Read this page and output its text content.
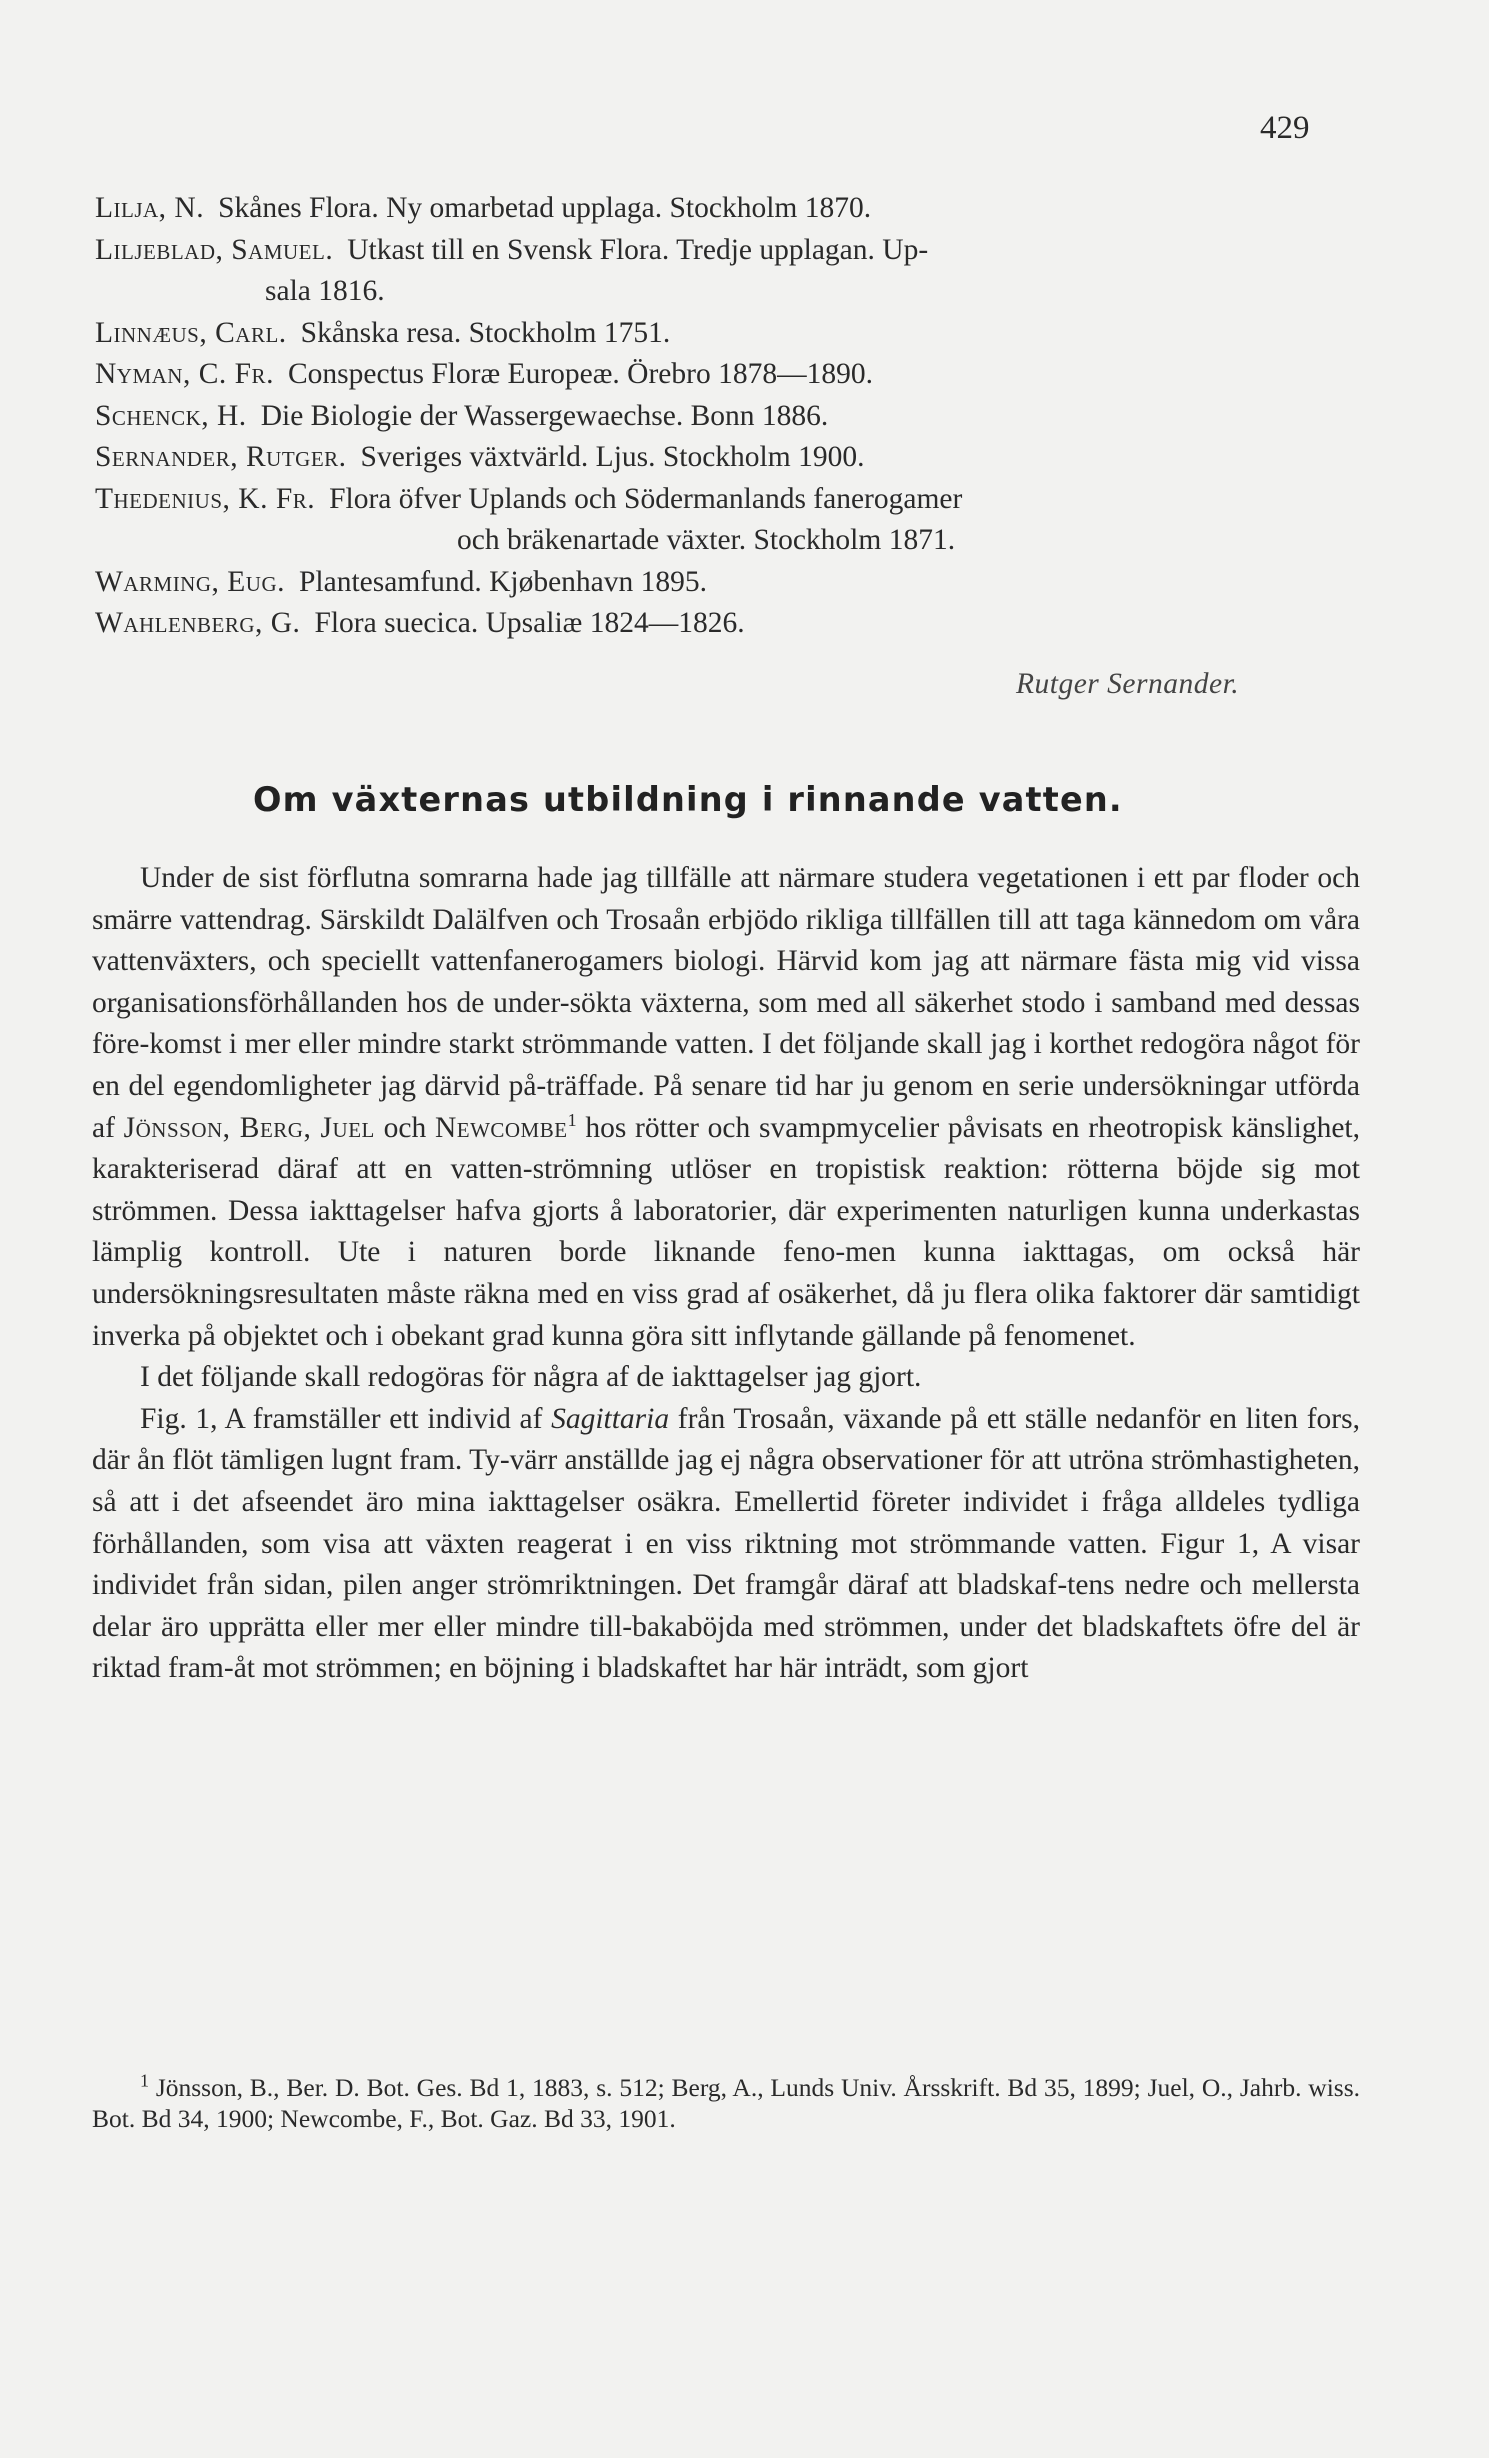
429
Lilja, N. Skånes Flora. Ny omarbetad upplaga. Stockholm 1870.
Liljeblad, Samuel. Utkast till en Svensk Flora. Tredje upplagan. Up-
sala 1816.
Linnæus, Carl. Skånska resa. Stockholm 1751.
Nyman, C. Fr. Conspectus Floræ Europeæ. Örebro 1878—1890.
Schenck, H. Die Biologie der Wassergewaechse. Bonn 1886.
Sernander, Rutger. Sveriges växtvärld. Ljus. Stockholm 1900.
Thedenius, K. Fr. Flora öfver Uplands och Södermanlands fanerogamer
och bräkenartade växter. Stockholm 1871.
Warming, Eug. Plantesamfund. Kjøbenhavn 1895.
Wahlenberg, G. Flora suecica. Upsaliæ 1824—1826.
Rutger Sernander.
Om växternas utbildning i rinnande vatten.

Under de sist förflutna somrarna hade jag tillfälle att närmare studera vegetationen i ett par floder och smärre vattendrag. Särskildt Dalälfven och Trosaån erbjödo rikliga tillfällen till att taga kännedom om våra vattenväxters, och speciellt vattenfanerogamers biologi. Härvid kom jag att närmare fästa mig vid vissa organisationsförhållanden hos de under-sökta växterna, som med all säkerhet stodo i samband med dessas före-komst i mer eller mindre starkt strömmande vatten. I det följande skall jag i korthet redogöra något för en del egendomligheter jag därvid på-träffade. På senare tid har ju genom en serie undersökningar utförda af Jönsson, Berg, Juel och Newcombe$^1$ hos rötter och svampmycelier påvisats en rheotropisk känslighet, karakteriserad däraf att en vatten-strömning utlöser en tropistisk reaktion: rötterna böjde sig mot strömmen. Dessa iakttagelser hafva gjorts å laboratorier, där experimenten naturligen kunna underkastas lämplig kontroll. Ute i naturen borde liknande feno-men kunna iakttagas, om också här undersökningsresultaten måste räkna med en viss grad af osäkerhet, då ju flera olika faktorer där samtidigt inverka på objektet och i obekant grad kunna göra sitt inflytande gällande på fenomenet.

I det följande skall redogöras för några af de iakttagelser jag gjort.

Fig. 1, A framställer ett individ af Sagittaria från Trosaån, växande på ett ställe nedanför en liten fors, där ån flöt tämligen lugnt fram. Ty-värr anställde jag ej några observationer för att utröna strömhastigheten, så att i det afseendet äro mina iakttagelser osäkra. Emellertid företer individet i fråga alldeles tydliga förhållanden, som visa att växten reagerat i en viss riktning mot strömmande vatten. Figur 1, A visar individet från sidan, pilen anger strömriktningen. Det framgår däraf att bladskaf-tens nedre och mellersta delar äro upprätta eller mer eller mindre till-bakaböjda med strömmen, under det bladskaftets öfre del är riktad fram-åt mot strömmen; en böjning i bladskaftet har här inträdt, som gjort

$^1$ Jönsson, B., Ber. D. Bot. Ges. Bd 1, 1883, s. 512; Berg, A., Lunds Univ. Årsskrift. Bd 35, 1899; Juel, O., Jahrb. wiss. Bot. Bd 34, 1900; Newcombe, F., Bot. Gaz. Bd 33, 1901.
